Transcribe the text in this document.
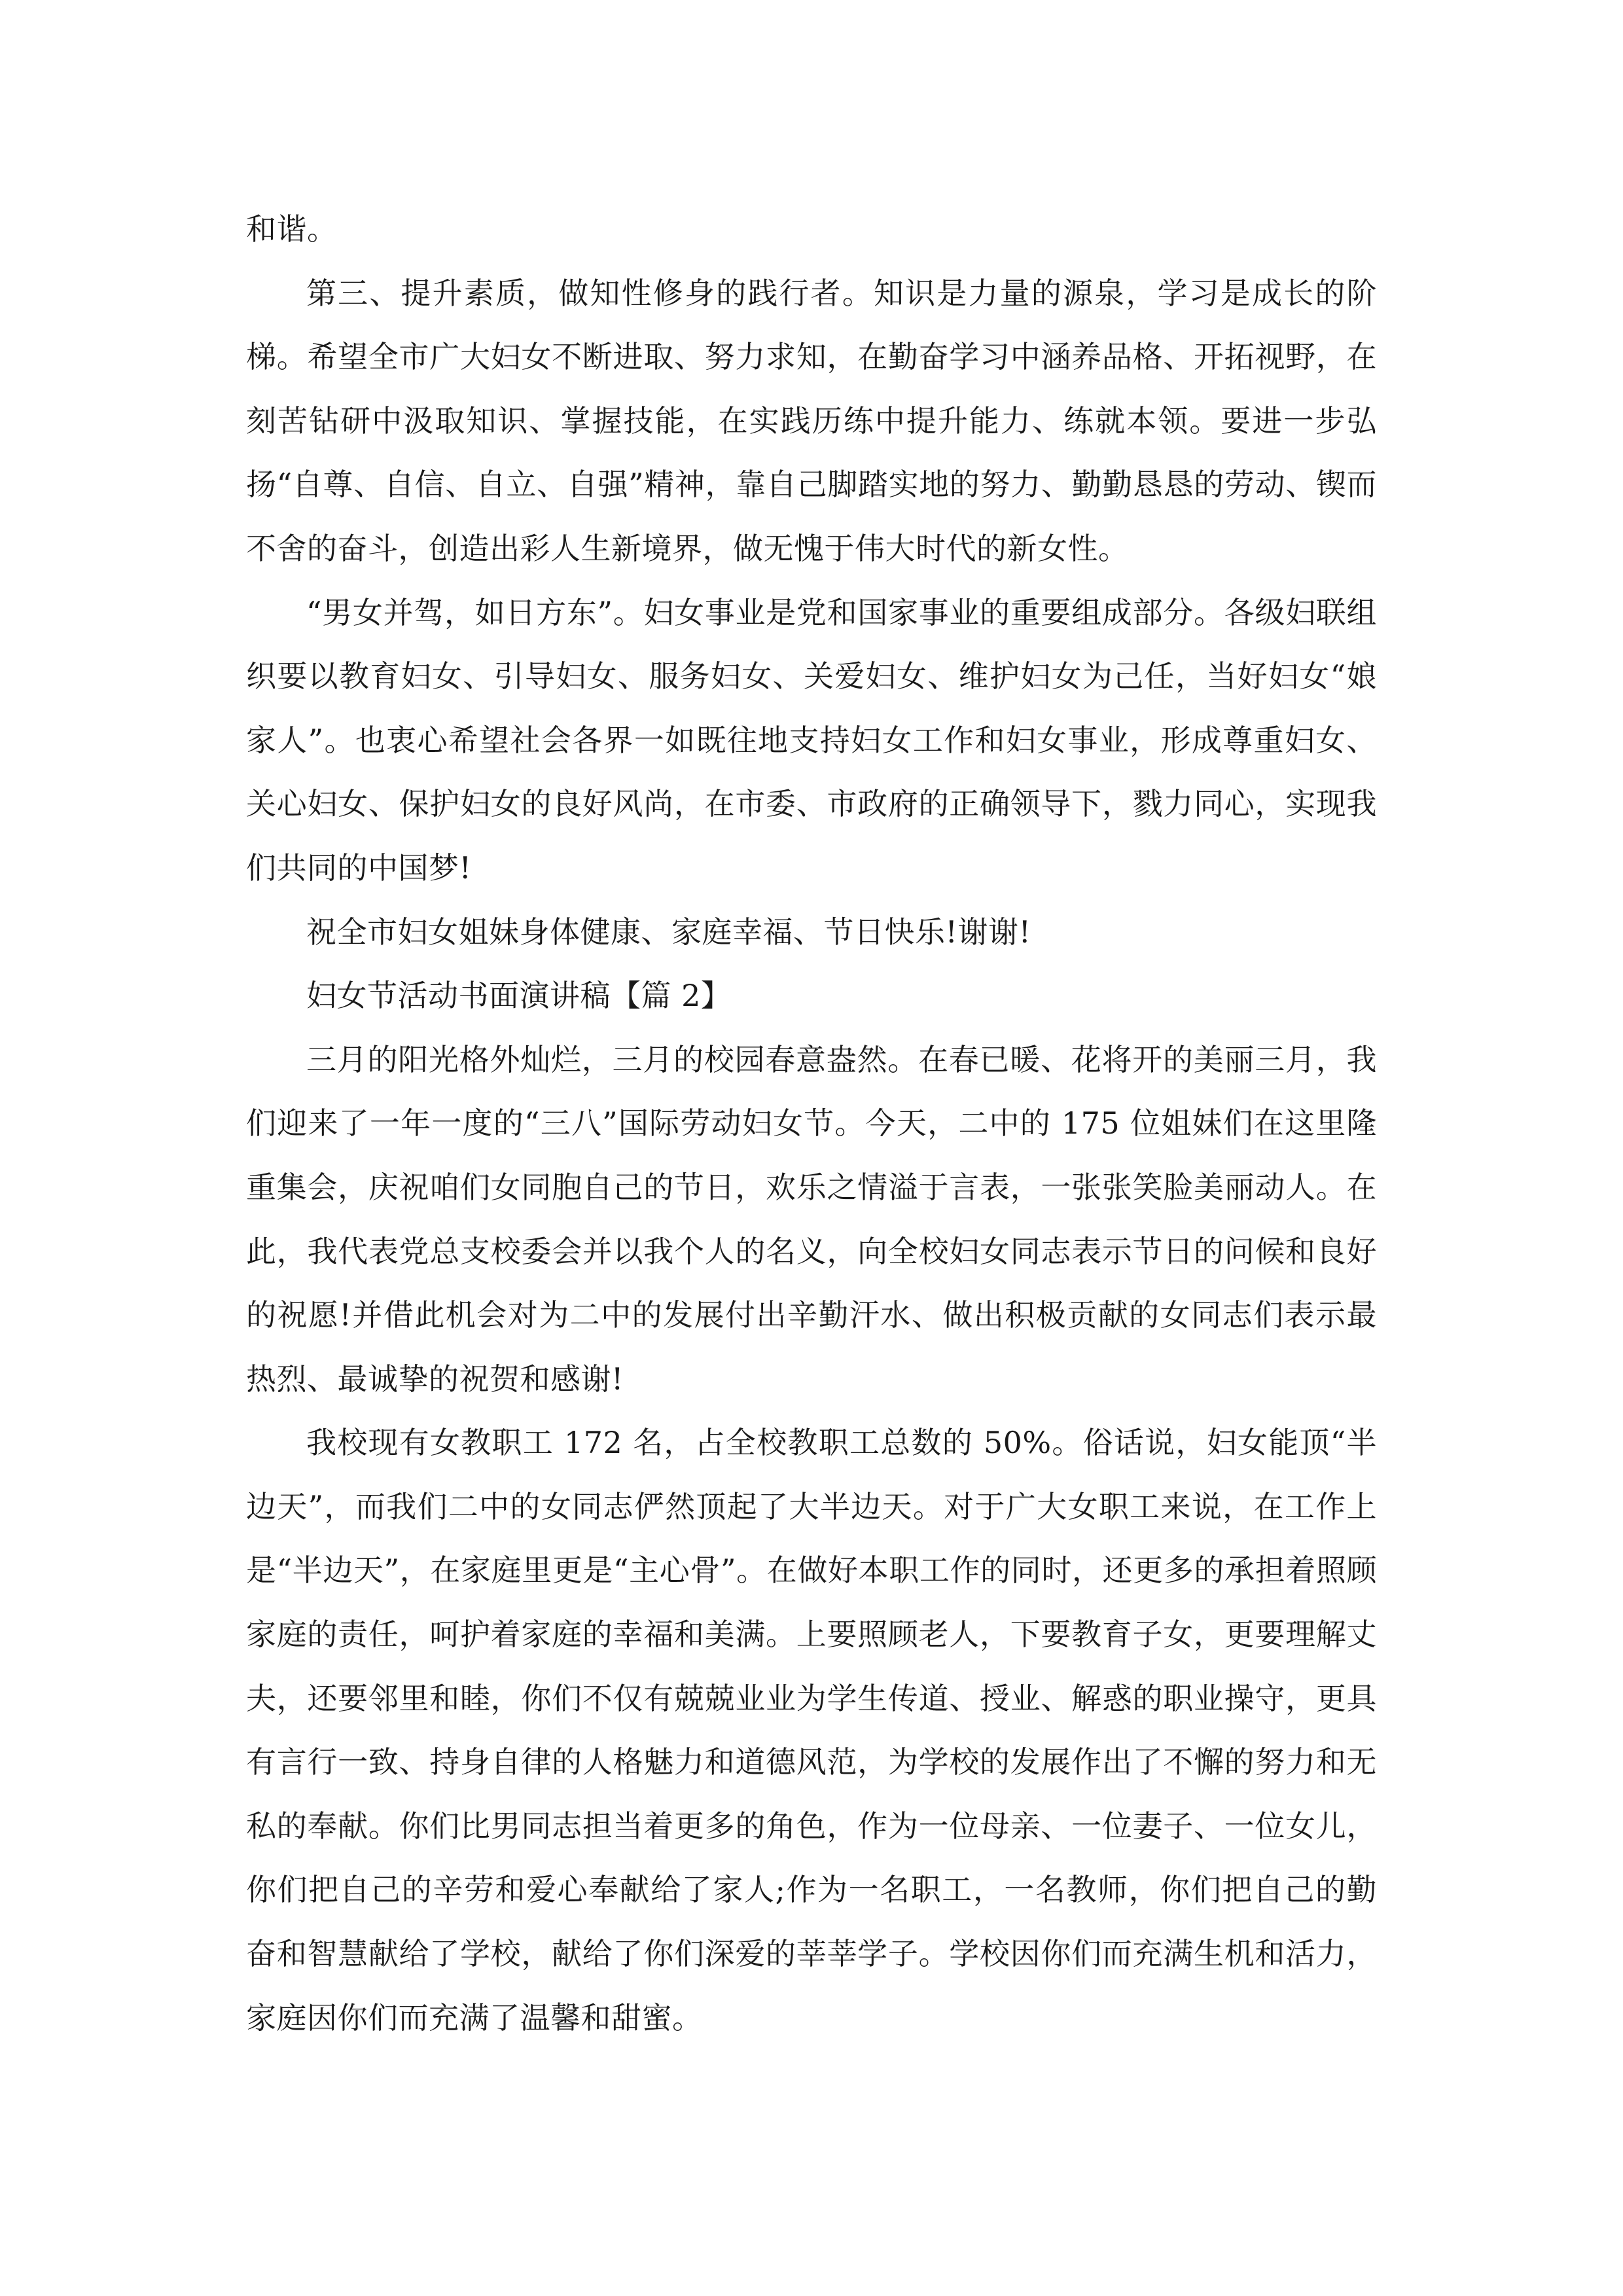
和谐。

第三、提升素质，做知性修身的践行者。知识是力量的源泉，学习是成长的阶梯。希望全市广大妇女不断进取、努力求知，在勤奋学习中涵养品格、开拓视野，在刻苦钻研中汲取知识、掌握技能，在实践历练中提升能力、练就本领。要进一步弘扬“自尊、自信、自立、自强”精神，靠自己脚踏实地的努力、勤勤恳恳的劳动、锲而不舍的奋斗，创造出彩人生新境界，做无愧于伟大时代的新女性。

“男女并驾，如日方东”。妇女事业是党和国家事业的重要组成部分。各级妇联组织要以教育妇女、引导妇女、服务妇女、关爱妇女、维护妇女为己任，当好妇女“娘家人”。也衷心希望社会各界一如既往地支持妇女工作和妇女事业，形成尊重妇女、关心妇女、保护妇女的良好风尚，在市委、市政府的正确领导下，戮力同心，实现我们共同的中国梦!

祝全市妇女姐妹身体健康、家庭幸福、节日快乐!谢谢!

妇女节活动书面演讲稿【篇 2】

三月的阳光格外灿烂，三月的校园春意盎然。在春已暖、花将开的美丽三月，我们迎来了一年一度的“三八”国际劳动妇女节。今天，二中的 175 位姐妹们在这里隆重集会，庆祝咱们女同胞自己的节日，欢乐之情溢于言表，一张张笑脸美丽动人。在此，我代表党总支校委会并以我个人的名义，向全校妇女同志表示节日的问候和良好的祝愿!并借此机会对为二中的发展付出辛勤汗水、做出积极贡献的女同志们表示最热烈、最诚挚的祝贺和感谢!

我校现有女教职工 172 名，占全校教职工总数的 50%。俗话说，妇女能顶“半边天”，而我们二中的女同志俨然顶起了大半边天。对于广大女职工来说，在工作上是“半边天”，在家庭里更是“主心骨”。在做好本职工作的同时，还更多的承担着照顾家庭的责任，呵护着家庭的幸福和美满。上要照顾老人，下要教育子女，更要理解丈夫，还要邻里和睦，你们不仅有兢兢业业为学生传道、授业、解惑的职业操守，更具有言行一致、持身自律的人格魅力和道德风范，为学校的发展作出了不懈的努力和无私的奉献。你们比男同志担当着更多的角色，作为一位母亲、一位妻子、一位女儿，你们把自己的辛劳和爱心奉献给了家人;作为一名职工，一名教师，你们把自己的勤奋和智慧献给了学校，献给了你们深爱的莘莘学子。学校因你们而充满生机和活力，家庭因你们而充满了温馨和甜蜜。
